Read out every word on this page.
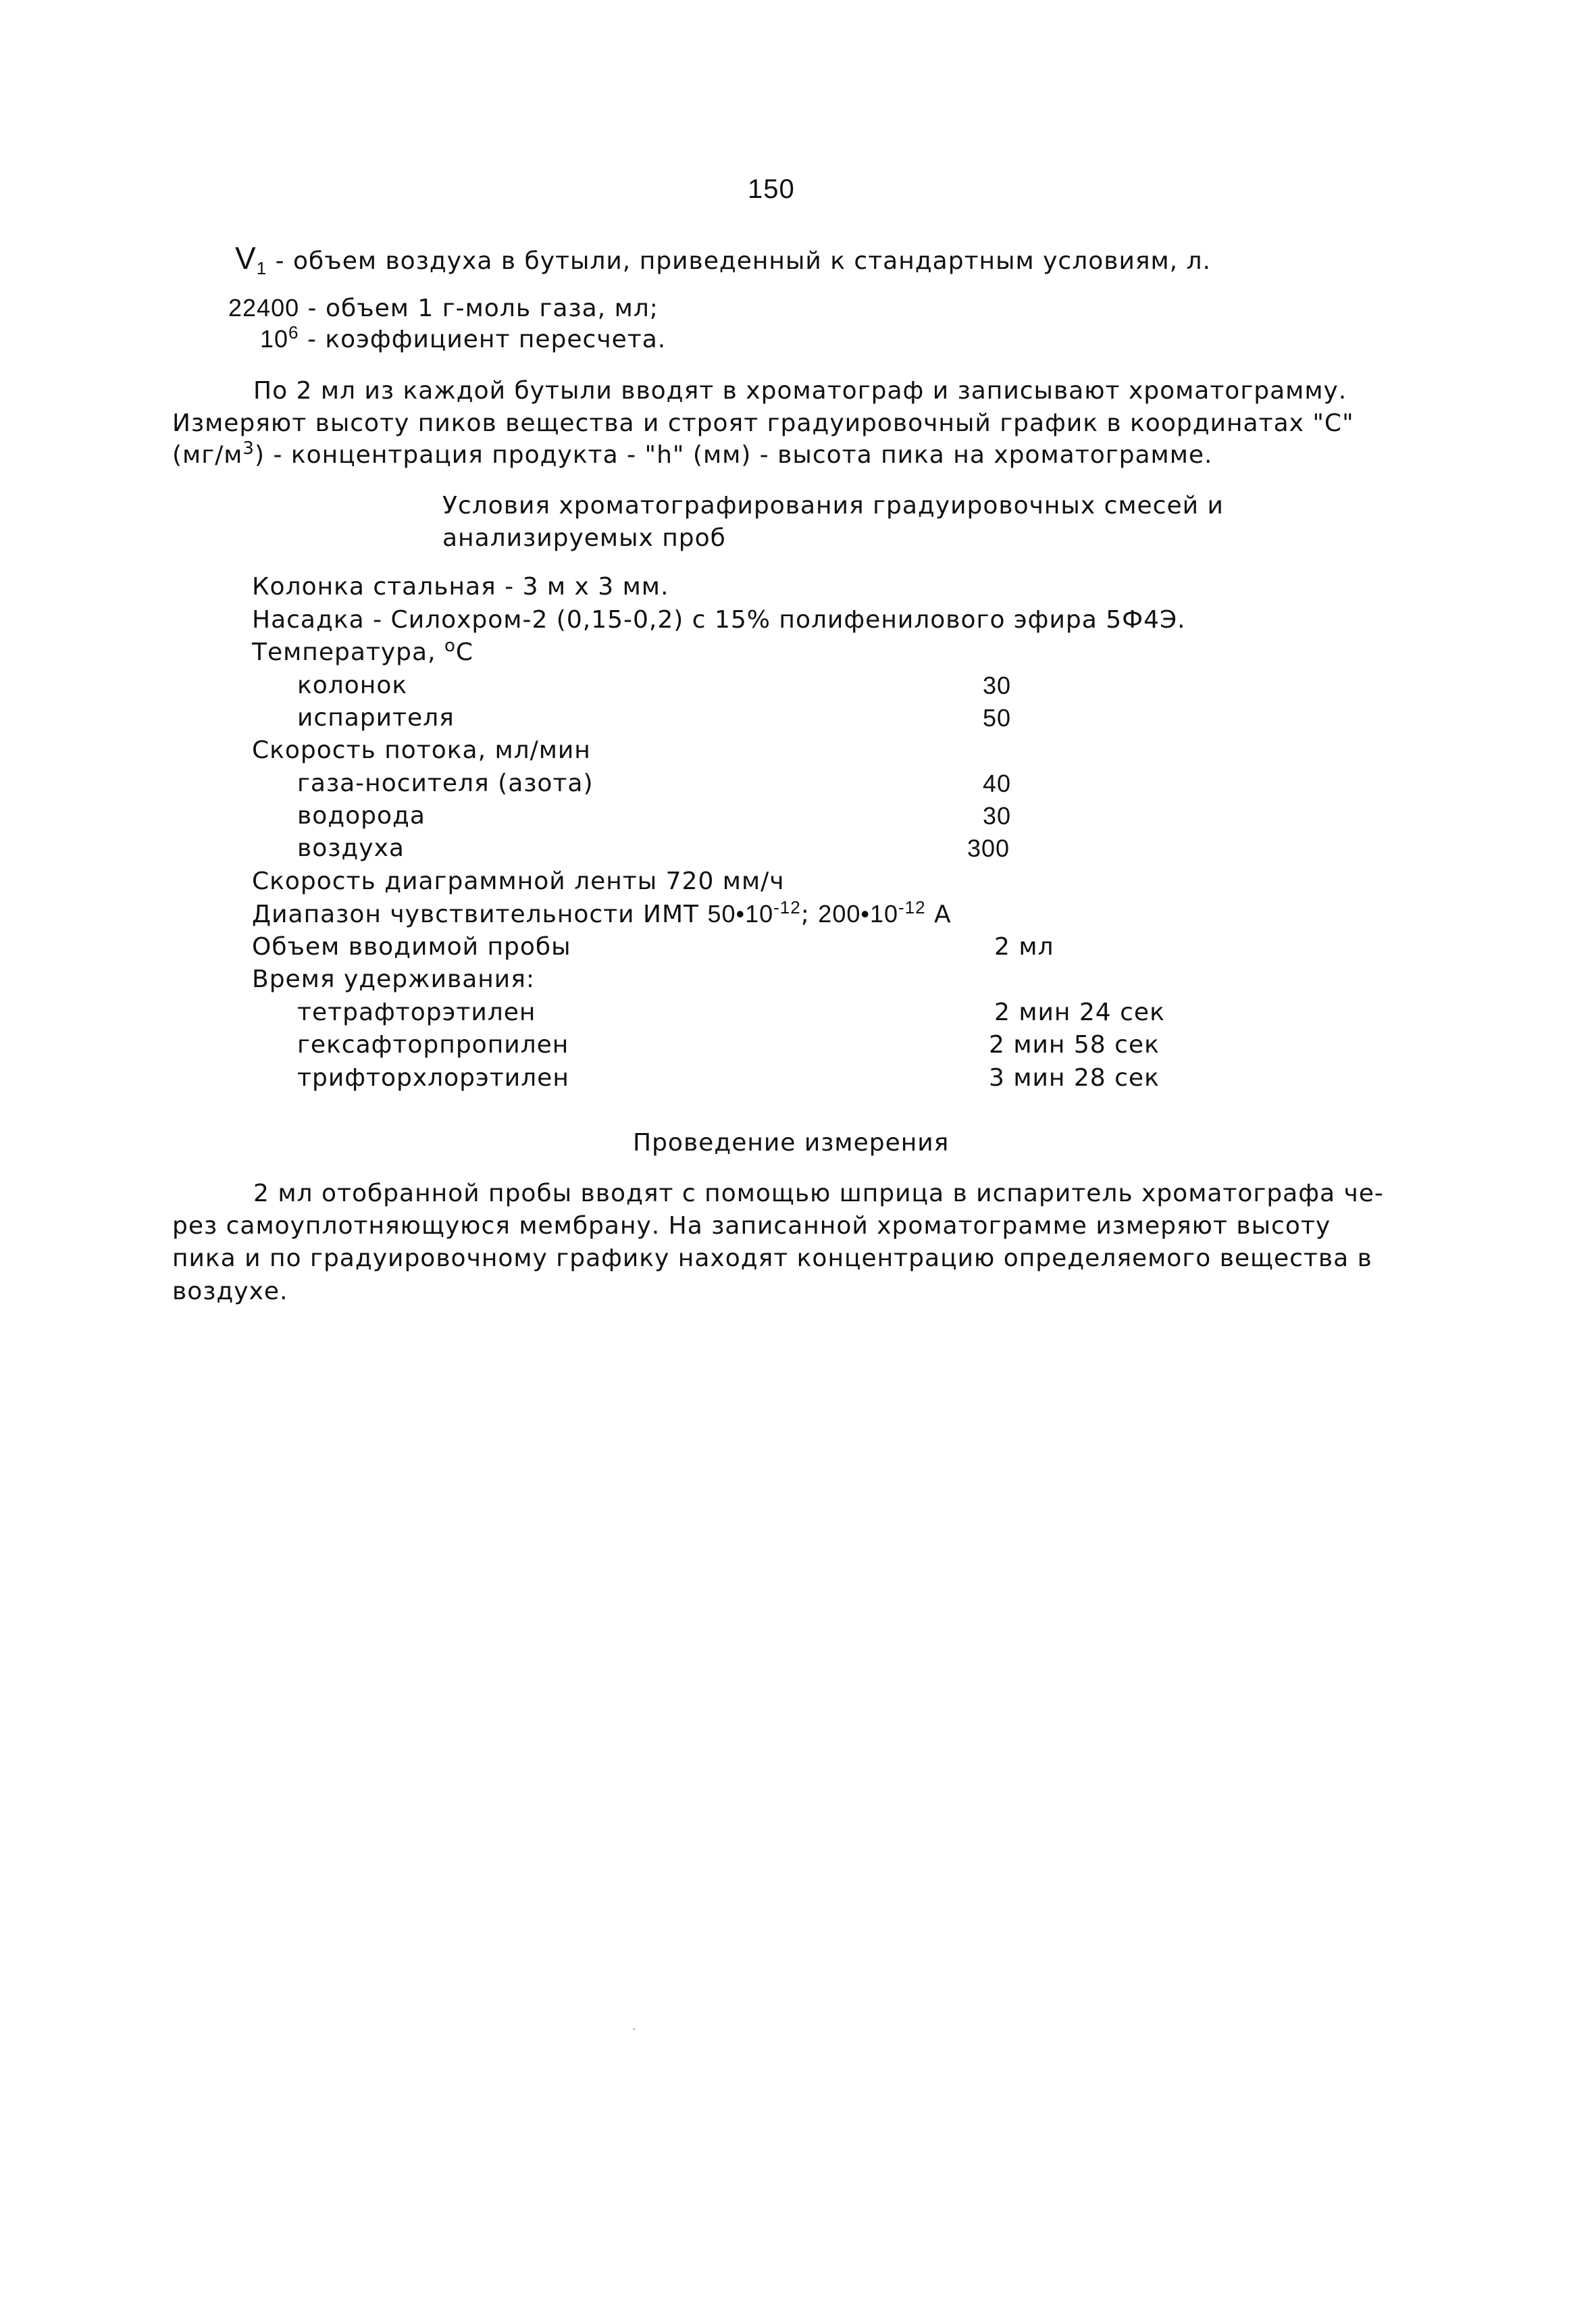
150
$V_1$ - объем воздуха в бутыли, приведенный к стандартным условиям, л.
22400 - объем 1 г-моль газа, мл;
$10^6$ - коэффициент пересчета.
По 2 мл из каждой бутыли вводят в хроматограф и записывают хроматограмму.
Измеряют высоту пиков вещества и строят градуировочный график в координатах "С"
$(мг/м^3)$ - концентрация продукта - "h" (мм) - высота пика на хроматограмме.
Условия хроматографирования градуировочных смесей и
анализируемых проб
Колонка стальная - 3 м x 3 мм.
Насадка - Силохром-2 (0,15-0,2) с 15% полифенилового эфира 5Ф4Э.
Температура, $^о$С
колонок	30
испарителя	50
Скорость потока, мл/мин
газа-носителя (азота)	40
водорода	30
воздуха	300
Скорость диаграммной ленты 720 мм/ч
Диапазон чувствительности ИМТ $50•10^{-12}$; $200•10^{-12}$ А
Объем вводимой пробы	2 мл
Время удерживания:
тетрафторэтилен	2 мин 24 сек
гексафторпропилен	2 мин 58 сек
трифторхлорэтилен	3 мин 28 сек
Проведение измерения
2 мл отобранной пробы вводят с помощью шприца в испаритель хроматографа че-
рез самоуплотняющуюся мембрану. На записанной хроматограмме измеряют высоту
пика и по градуировочному графику находят концентрацию определяемого вещества в
воздухе.
